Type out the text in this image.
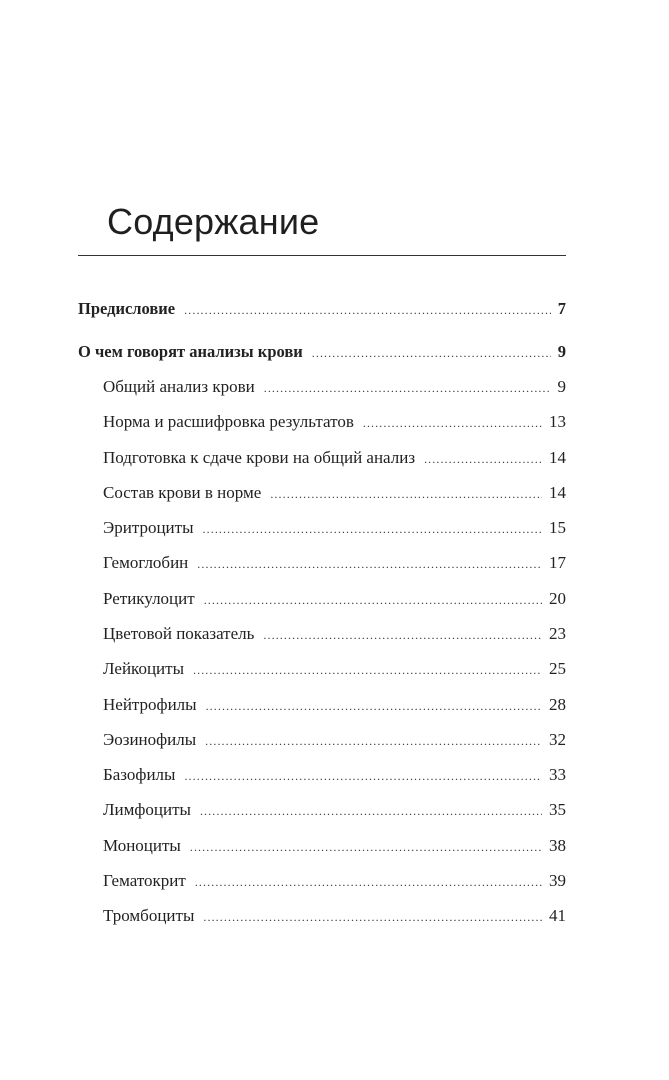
Содержание
Предисловие .....	7
О чем говорят анализы крови .....	9
Общий анализ крови .....	9
Норма и расшифровка результатов .....	13
Подготовка к сдаче крови на общий анализ .....	14
Состав крови в норме .....	14
Эритроциты .....	15
Гемоглобин .....	17
Ретикулоцит .....	20
Цветовой показатель .....	23
Лейкоциты .....	25
Нейтрофилы .....	28
Эозинофилы .....	32
Базофилы .....	33
Лимфоциты .....	35
Моноциты .....	38
Гематокрит .....	39
Тромбоциты .....	41
